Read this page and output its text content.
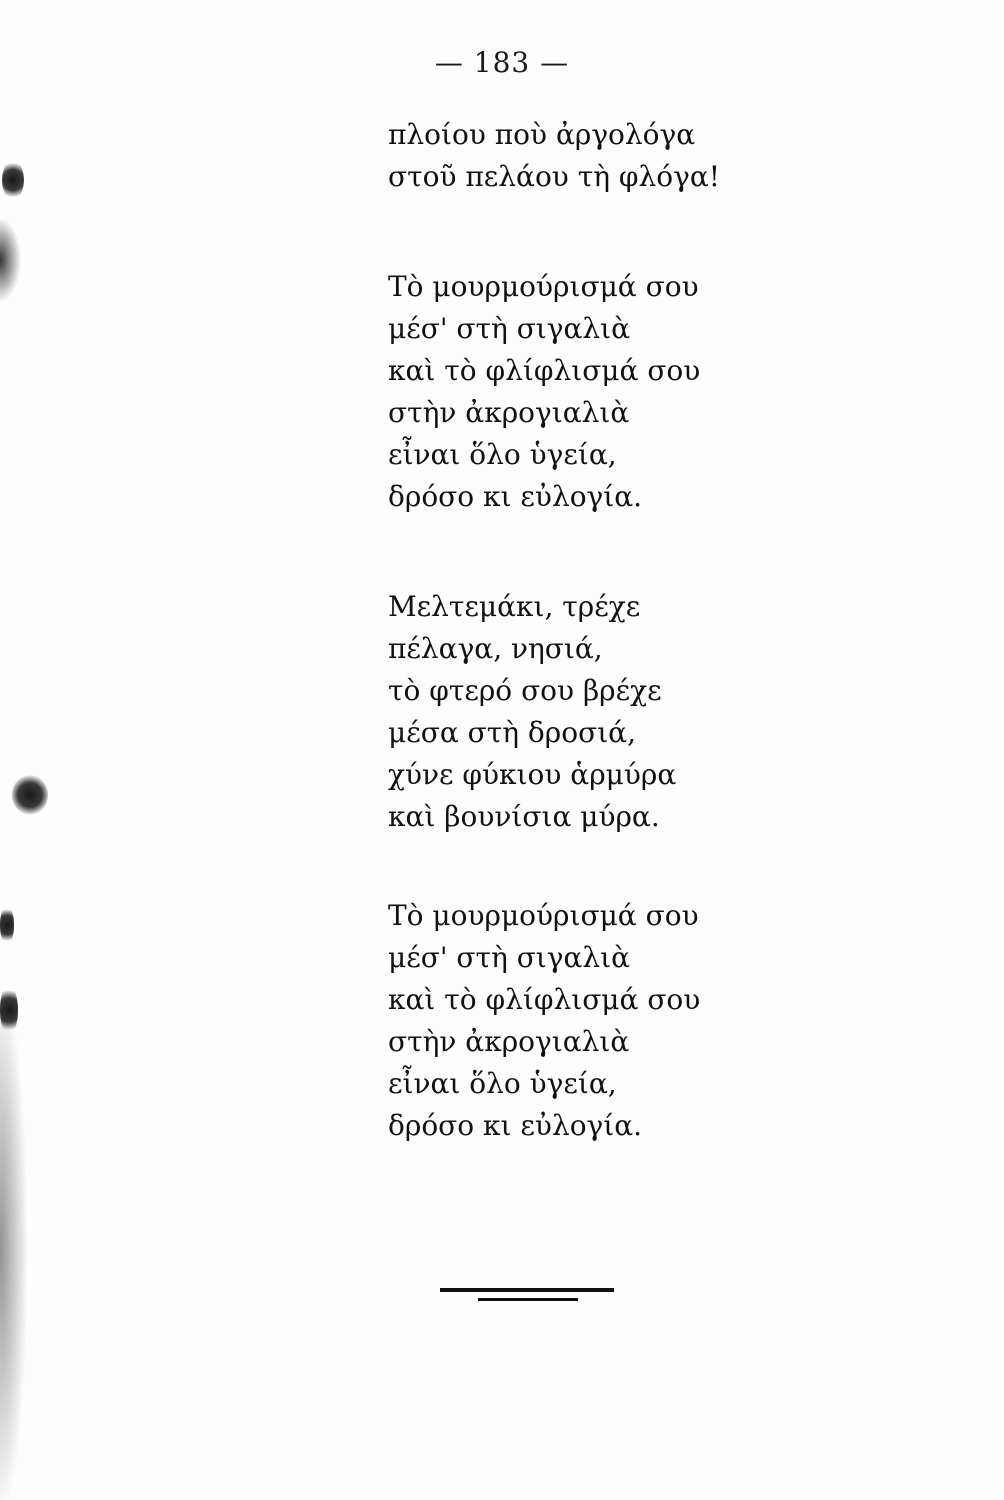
— 183 —
πλοίου ποὺ ἀργολόγα
στοῦ πελάου τὴ φλόγα!
Τὸ μουρμούρισμά σου
μέσ' στὴ σιγαλιὰ
καὶ τὸ φλίφλισμά σου
στὴν ἀκρογιαλιὰ
εἶναι ὅλο ὑγεία,
δρόσο κι εὐλογία.
Μελτεμάκι, τρέχε
πέλαγα, νησιά,
τὸ φτερό σου βρέχε
μέσα στὴ δροσιά,
χύνε φύκιου ἁρμύρα
καὶ βουνίσια μύρα.
Τὸ μουρμούρισμά σου
μέσ' στὴ σιγαλιὰ
καὶ τὸ φλίφλισμά σου
στὴν ἀκρογιαλιὰ
εἶναι ὅλο ὑγεία,
δρόσο κι εὐλογία.
